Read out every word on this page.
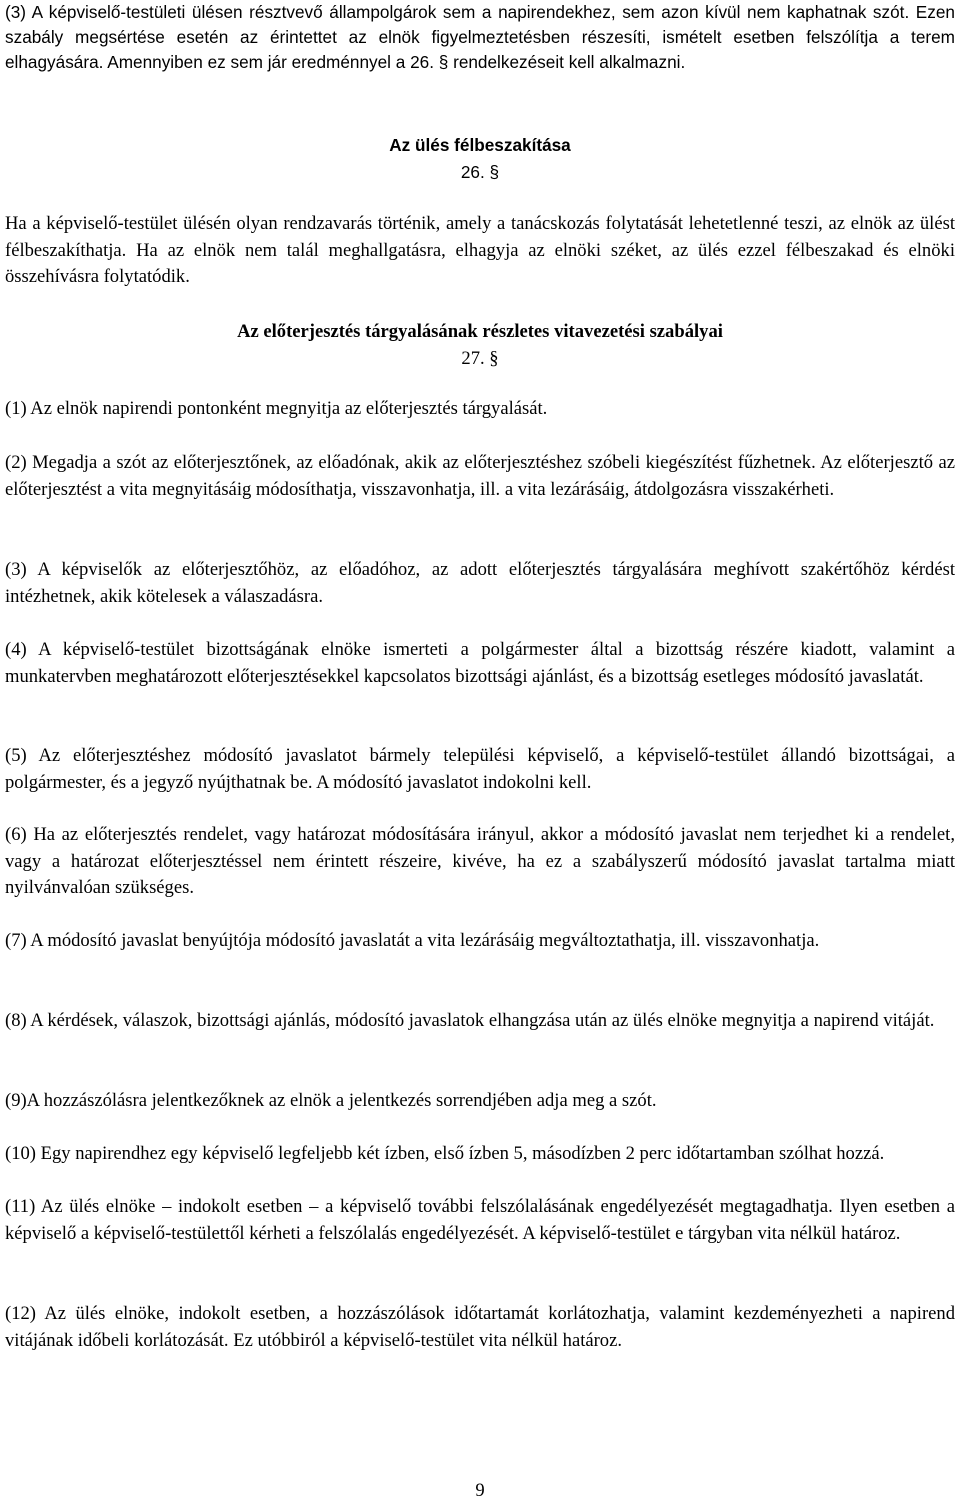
(3) A képviselő-testületi ülésen résztvevő állampolgárok sem a napirendekhez, sem azon kívül nem kaphatnak szót. Ezen szabály megsértése esetén az érintettet az elnök figyelmeztetésben részesíti, ismételt esetben felszólítja a terem elhagyására. Amennyiben ez sem jár eredménnyel a 26. § rendelkezéseit kell alkalmazni.

Az ülés félbeszakítása
26. §

Ha a képviselő-testület ülésén olyan rendzavarás történik, amely a tanácskozás folytatását lehetetlenné teszi, az elnök az ülést félbeszakíthatja. Ha az elnök nem talál meghallgatásra, elhagyja az elnöki széket, az ülés ezzel félbeszakad és elnöki összehívásra folytatódik.

Az előterjesztés tárgyalásának részletes vitavezetési szabályai
27. §

(1) Az elnök napirendi pontonként megnyitja az előterjesztés tárgyalását.

(2) Megadja a szót az előterjesztőnek, az előadónak, akik az előterjesztéshez szóbeli kiegészítést fűzhetnek. Az előterjesztő az előterjesztést a vita megnyitásáig módosíthatja, visszavonhatja, ill. a vita lezárásáig, átdolgozásra visszakérheti.

(3) A képviselők az előterjesztőhöz, az előadóhoz, az adott előterjesztés tárgyalására meghívott szakértőhöz kérdést intézhetnek, akik kötelesek a válaszadásra.

(4) A képviselő-testület bizottságának elnöke ismerteti a polgármester által a bizottság részére kiadott, valamint a munkatervben meghatározott előterjesztésekkel kapcsolatos bizottsági ajánlást, és a bizottság esetleges módosító javaslatát.

(5) Az előterjesztéshez módosító javaslatot bármely települési képviselő, a képviselő-testület állandó bizottságai, a polgármester, és a jegyző nyújthatnak be. A módosító javaslatot indokolni kell.

(6) Ha az előterjesztés rendelet, vagy határozat módosítására irányul, akkor a módosító javaslat nem terjedhet ki a rendelet, vagy a határozat előterjesztéssel nem érintett részeire, kivéve, ha ez a szabályszerű módosító javaslat tartalma miatt nyilvánvalóan szükséges.

(7) A módosító javaslat benyújtója módosító javaslatát a vita lezárásáig megváltoztathatja, ill. visszavonhatja.

(8) A kérdések, válaszok, bizottsági ajánlás, módosító javaslatok elhangzása után az ülés elnöke megnyitja a napirend vitáját.

(9)A hozzászólásra jelentkezőknek az elnök a jelentkezés sorrendjében adja meg a szót.

(10) Egy napirendhez egy képviselő legfeljebb két ízben, első ízben 5, másodízben 2 perc időtartamban szólhat hozzá.

(11) Az ülés elnöke – indokolt esetben – a képviselő további felszólalásának engedélyezését megtagadhatja. Ilyen esetben a képviselő a képviselő-testülettől kérheti a felszólalás engedélyezését. A képviselő-testület e tárgyban vita nélkül határoz.

(12) Az ülés elnöke, indokolt esetben, a hozzászólások időtartamát korlátozhatja, valamint kezdeményezheti a napirend vitájának időbeli korlátozását. Ez utóbbiról a képviselő-testület vita nélkül határoz.

9
